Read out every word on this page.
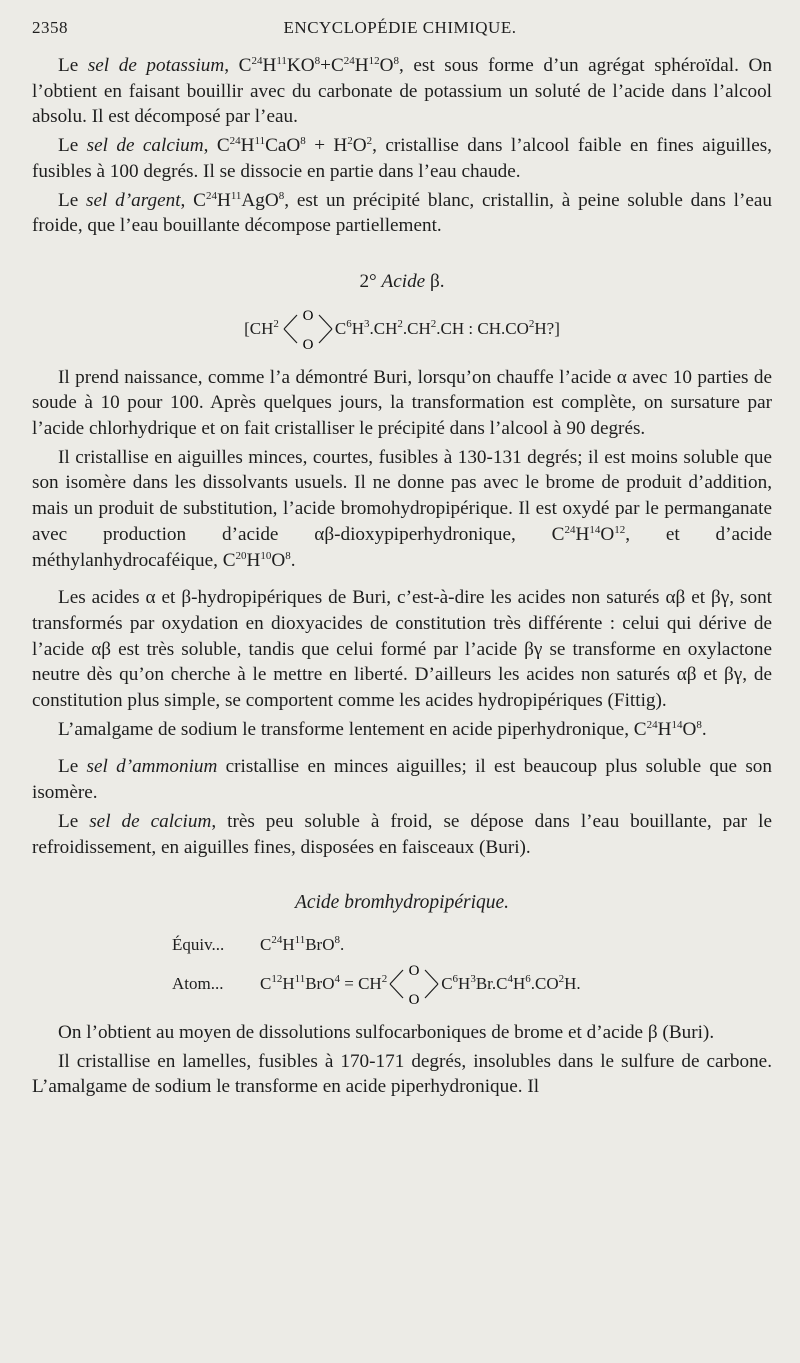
2358	ENCYCLOPÉDIE CHIMIQUE.

Le sel de potassium, $C^{24}H^{11}KO^8+C^{24}H^{12}O^8$, est sous forme d’un agrégat sphéroïdal. On l’obtient en faisant bouillir avec du carbonate de potassium un soluté de l’acide dans l’alcool absolu. Il est décomposé par l’eau.

Le sel de calcium, $C^{24}H^{11}CaO^8 + H^2O^2$, cristallise dans l’alcool faible en fines aiguilles, fusibles à 100 degrés. Il se dissocie en partie dans l’eau chaude.

Le sel d’argent, $C^{24}H^{11}AgO^8$, est un précipité blanc, cristallin, à peine soluble dans l’eau froide, que l’eau bouillante décompose partiellement.

2° Acide β.

[$CH^2$
O
O
$C^6H^3.CH^2.CH^2.CH$ : $CH.CO^2H$?]

Il prend naissance, comme l’a démontré Buri, lorsqu’on chauffe l’acide α avec 10 parties de soude à 10 pour 100. Après quelques jours, la transformation est complète, on sursature par l’acide chlorhydrique et on fait cristalliser le précipité dans l’alcool à 90 degrés.

Il cristallise en aiguilles minces, courtes, fusibles à 130-131 degrés; il est moins soluble que son isomère dans les dissolvants usuels. Il ne donne pas avec le brome de produit d’addition, mais un produit de substitution, l’acide bromohydropipérique. Il est oxydé par le permanganate avec production d’acide αβ-dioxypiperhydronique, $C^{24}H^{14}O^{12}$, et d’acide méthylanhydrocaféique, $C^{20}H^{10}O^8$.

Les acides α et β-hydropipériques de Buri, c’est-à-dire les acides non saturés αβ et βγ, sont transformés par oxydation en dioxyacides de constitution très différente : celui qui dérive de l’acide αβ est très soluble, tandis que celui formé par l’acide βγ se transforme en oxylactone neutre dès qu’on cherche à le mettre en liberté. D’ailleurs les acides non saturés αβ et βγ, de constitution plus simple, se comportent comme les acides hydropipériques (Fittig).

L’amalgame de sodium le transforme lentement en acide piperhydronique, $C^{24}H^{14}O^8$.

Le sel d’ammonium cristallise en minces aiguilles; il est beaucoup plus soluble que son isomère.

Le sel de calcium, très peu soluble à froid, se dépose dans l’eau bouillante, par le refroidissement, en aiguilles fines, disposées en faisceaux (Buri).

Acide bromhydropipérique.

Équiv...	$C^{24}H^{11}BrO^8$.
Atom...	$C^{12}H^{11}BrO^4 = CH^2$
O
O
$C^6H^3Br.C^4H^6.CO^2H$.

On l’obtient au moyen de dissolutions sulfocarboniques de brome et d’acide β (Buri).

Il cristallise en lamelles, fusibles à 170-171 degrés, insolubles dans le sulfure de carbone. L’amalgame de sodium le transforme en acide piperhydronique. Il
